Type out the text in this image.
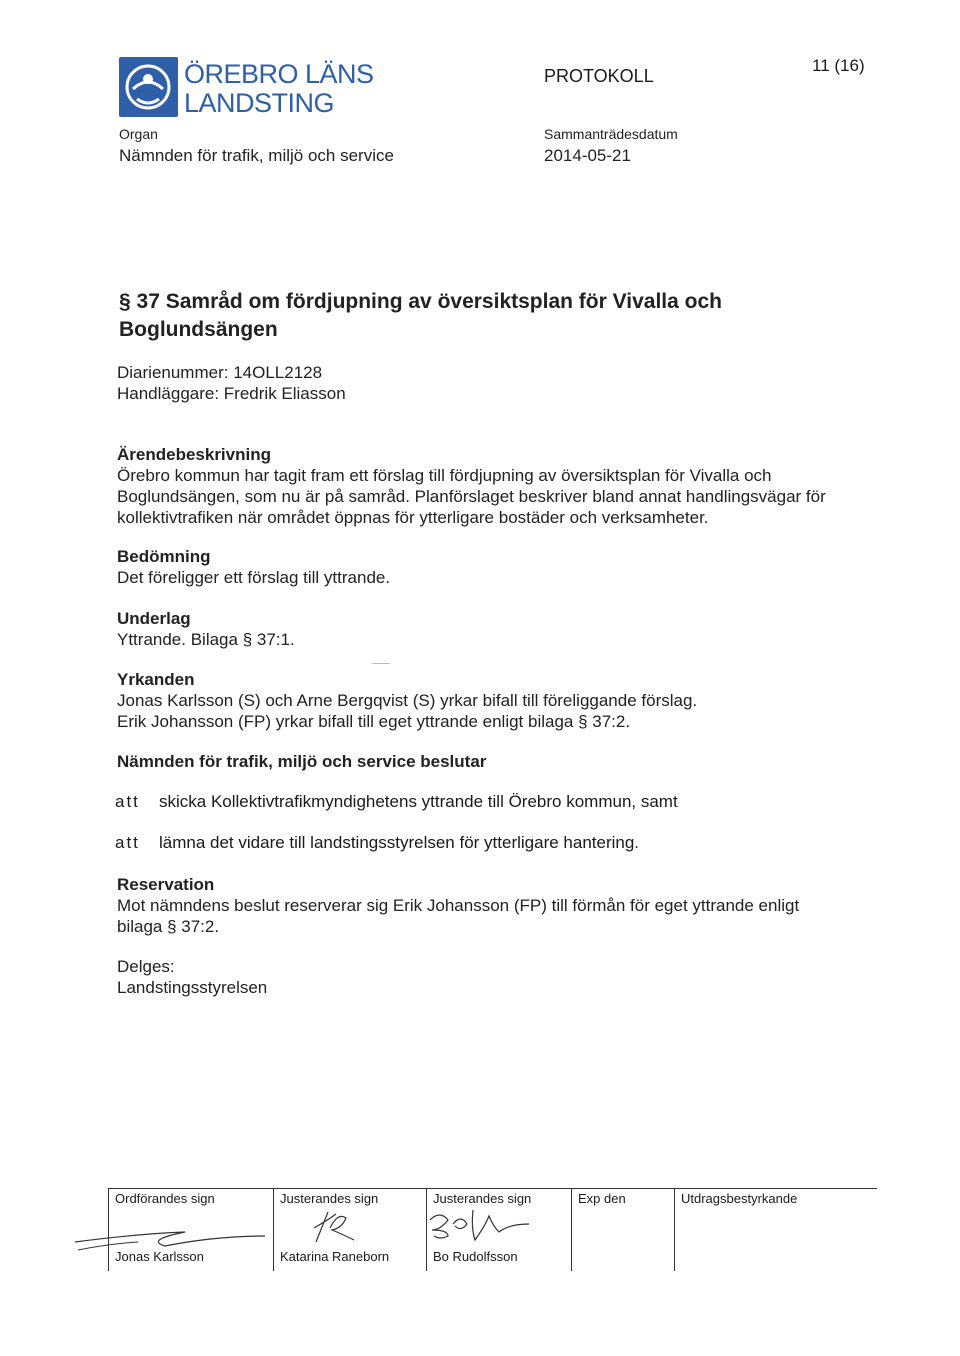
ÖREBRO LÄNS
LANDSTING
PROTOKOLL
11 (16)
Organ
Nämnden för trafik, miljö och service
Sammanträdesdatum
2014-05-21
§ 37 Samråd om fördjupning av översiktsplan för Vivalla och Boglundsängen
Diarienummer: 14OLL2128
Handläggare: Fredrik Eliasson
Ärendebeskrivning
Örebro kommun har tagit fram ett förslag till fördjupning av översiktsplan för Vivalla och Boglundsängen, som nu är på samråd. Planförslaget beskriver bland annat handlingsvägar för kollektivtrafiken när området öppnas för ytterligare bostäder och verksamheter.
Bedömning
Det föreligger ett förslag till yttrande.
Underlag
Yttrande. Bilaga § 37:1.
Yrkanden
Jonas Karlsson (S) och Arne Bergqvist (S) yrkar bifall till föreliggande förslag.
Erik Johansson (FP) yrkar bifall till eget yttrande enligt bilaga § 37:2.
Nämnden för trafik, miljö och service beslutar
att skicka Kollektivtrafikmyndighetens yttrande till Örebro kommun, samt
att lämna det vidare till landstingsstyrelsen för ytterligare hantering.
Reservation
Mot nämndens beslut reserverar sig Erik Johansson (FP) till förmån för eget yttrande enligt bilaga § 37:2.
Delges:
Landstingsstyrelsen
Ordförandes sign	Justerandes sign	Justerandes sign	Exp den	Utdragsbestyrkande
Jonas Karlsson	Katarina Raneborn	Bo Rudolfsson		
